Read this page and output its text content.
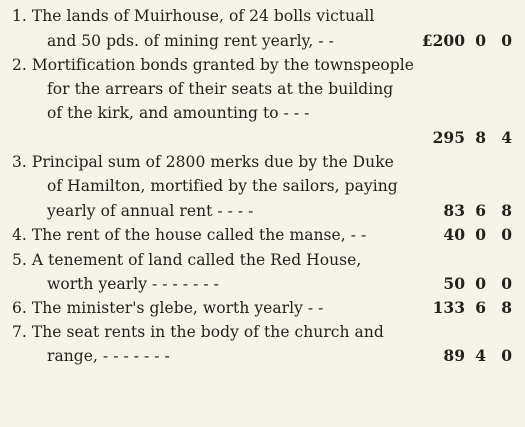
1. The lands of Muirhouse, of 24 bolls victuall
and 50 pds. of mining rent yearly, - -	£200 0 0
2. Mortification bonds granted by the townspeople
for the arrears of their seats at the building
of the kirk, and amounting to - - -
295 8 4
3. Principal sum of 2800 merks due by the Duke
of Hamilton, mortified by the sailors, paying
yearly of annual rent - - - -	83 6 8
4. The rent of the house called the manse, - -	40 0 0
5. A tenement of land called the Red House,
worth yearly - - - - - - -	50 0 0
6. The minister's glebe, worth yearly - -	133 6 8
7. The seat rents in the body of the church and
range, - - - - - - -	89 4 0
